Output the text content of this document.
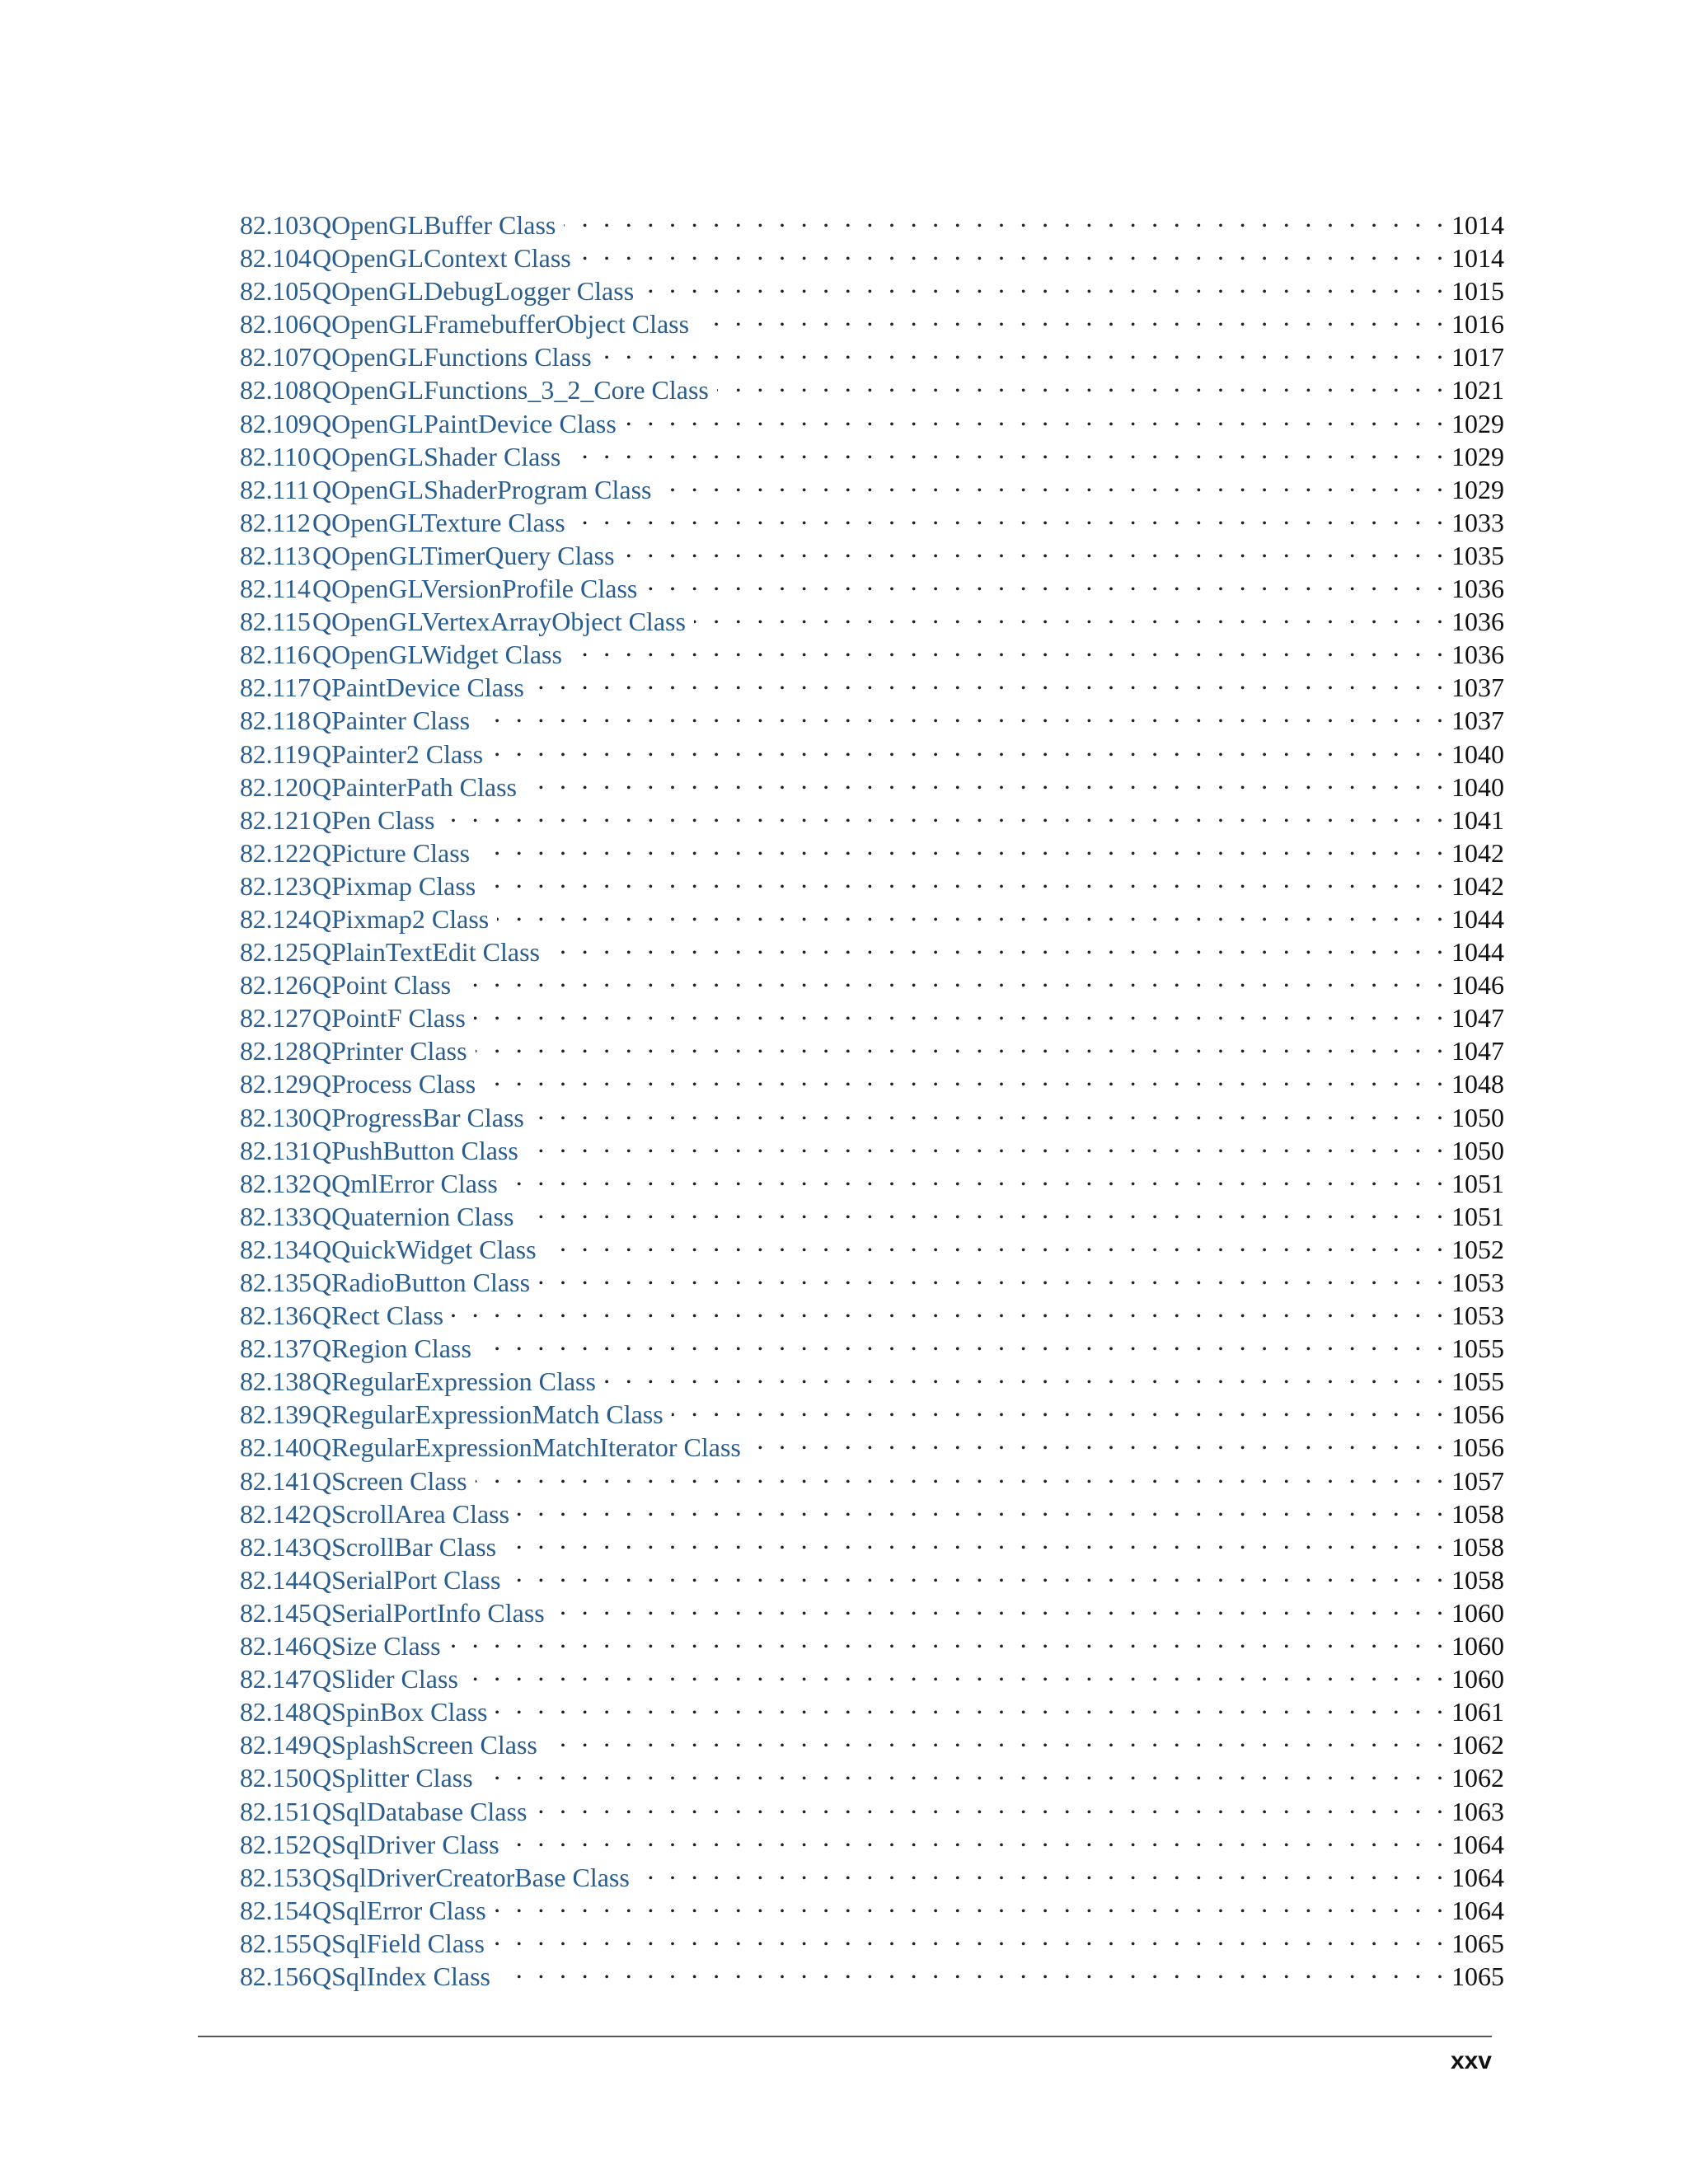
82.103 QOpenGLBuffer Class . . .	1014
82.104 QOpenGLContext Class . . .	1014
82.105 QOpenGLDebugLogger Class . . .	1015
82.106 QOpenGLFramebufferObject Class . . .	1016
82.107 QOpenGLFunctions Class . . .	1017
82.108 QOpenGLFunctions_3_2_Core Class . . .	1021
82.109 QOpenGLPaintDevice Class . . .	1029
82.110 QOpenGLShader Class . . .	1029
82.111 QOpenGLShaderProgram Class . . .	1029
82.112 QOpenGLTexture Class . . .	1033
82.113 QOpenGLTimerQuery Class . . .	1035
82.114 QOpenGLVersionProfile Class . . .	1036
82.115 QOpenGLVertexArrayObject Class . . .	1036
82.116 QOpenGLWidget Class . . .	1036
82.117 QPaintDevice Class . . .	1037
82.118 QPainter Class . . .	1037
82.119 QPainter2 Class . . .	1040
82.120 QPainterPath Class . . .	1040
82.121 QPen Class . . .	1041
82.122 QPicture Class . . .	1042
82.123 QPixmap Class . . .	1042
82.124 QPixmap2 Class . . .	1044
82.125 QPlainTextEdit Class . . .	1044
82.126 QPoint Class . . .	1046
82.127 QPointF Class . . .	1047
82.128 QPrinter Class . . .	1047
82.129 QProcess Class . . .	1048
82.130 QProgressBar Class . . .	1050
82.131 QPushButton Class . . .	1050
82.132 QQmlError Class . . .	1051
82.133 QQuaternion Class . . .	1051
82.134 QQuickWidget Class . . .	1052
82.135 QRadioButton Class . . .	1053
82.136 QRect Class . . .	1053
82.137 QRegion Class . . .	1055
82.138 QRegularExpression Class . . .	1055
82.139 QRegularExpressionMatch Class . . .	1056
82.140 QRegularExpressionMatchIterator Class . . .	1056
82.141 QScreen Class . . .	1057
82.142 QScrollArea Class . . .	1058
82.143 QScrollBar Class . . .	1058
82.144 QSerialPort Class . . .	1058
82.145 QSerialPortInfo Class . . .	1060
82.146 QSize Class . . .	1060
82.147 QSlider Class . . .	1060
82.148 QSpinBox Class . . .	1061
82.149 QSplashScreen Class . . .	1062
82.150 QSplitter Class . . .	1062
82.151 QSqlDatabase Class . . .	1063
82.152 QSqlDriver Class . . .	1064
82.153 QSqlDriverCreatorBase Class . . .	1064
82.154 QSqlError Class . . .	1064
82.155 QSqlField Class . . .	1065
82.156 QSqlIndex Class . . .	1065
xxv
